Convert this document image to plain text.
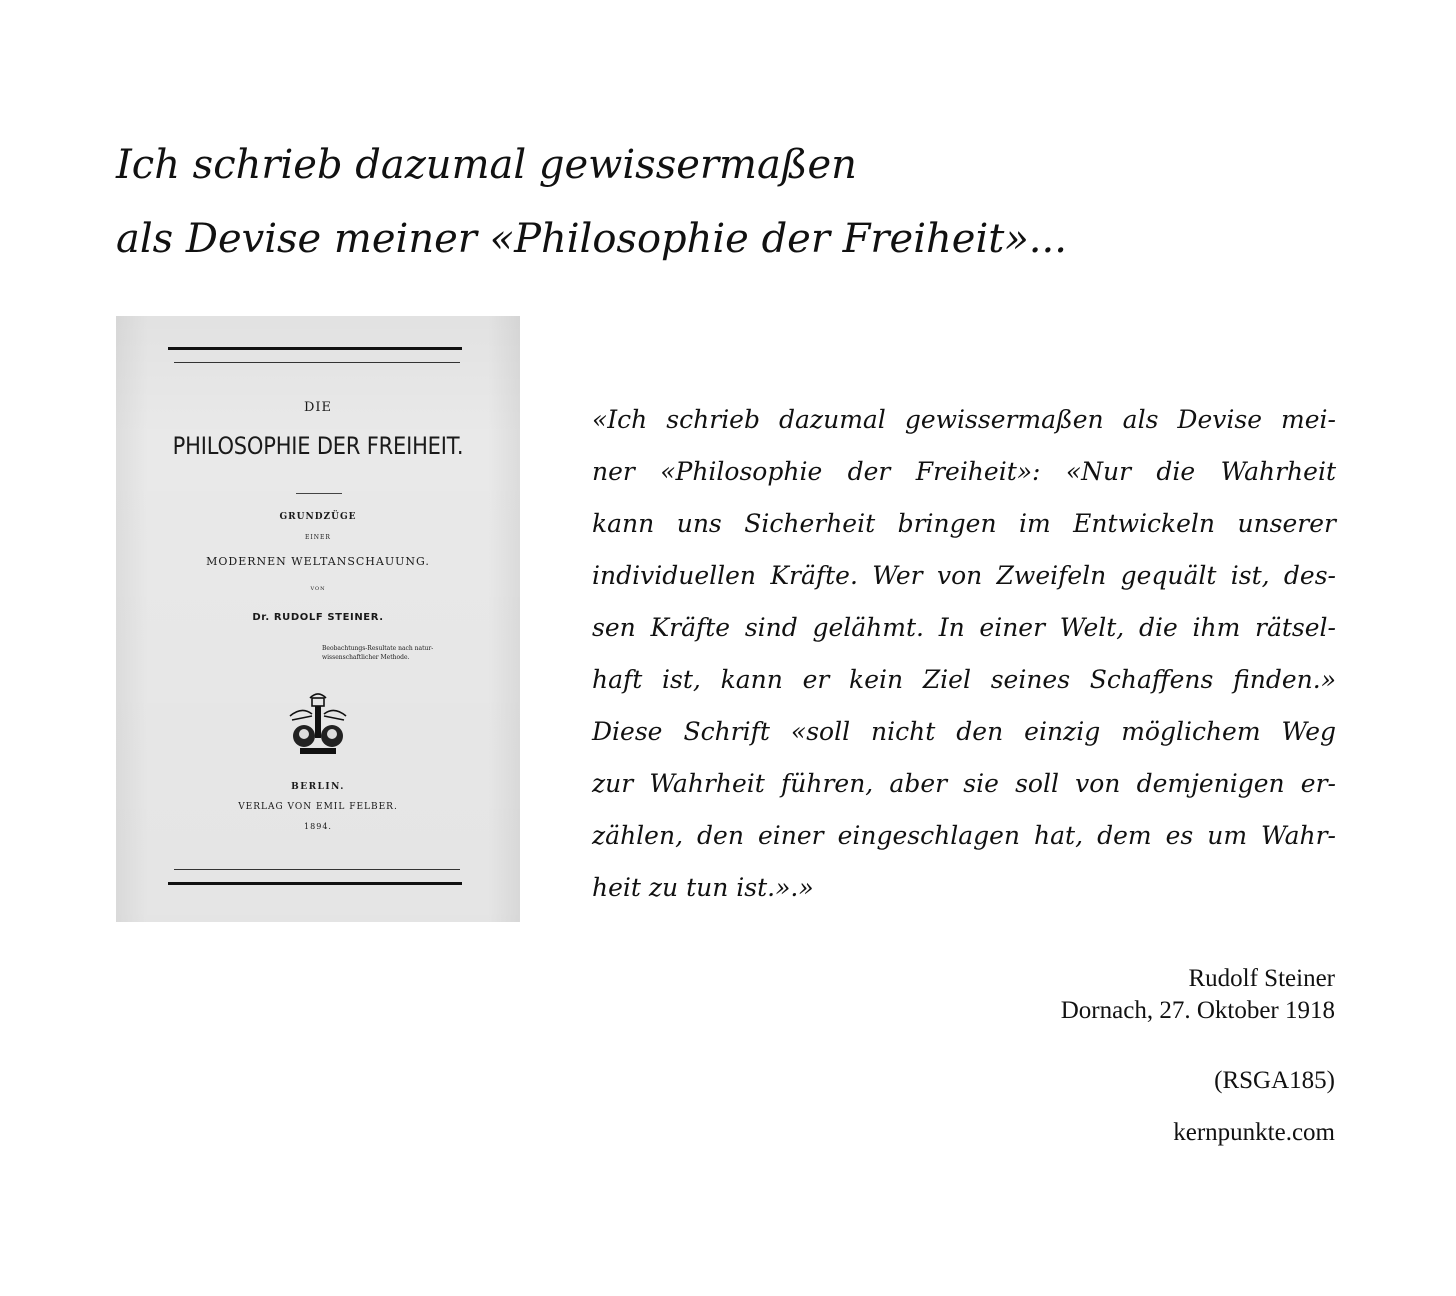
Ich schrieb dazumal gewissermaßen
als Devise meiner «Philosophie der Freiheit»...
DIE
PHILOSOPHIE DER FREIHEIT.
GRUNDZÜGE
EINER
MODERNEN WELTANSCHAUUNG.
VON
Dr. RUDOLF STEINER.
Beobachtungs-Resultate nach natur-
wissenschaftlicher Methode.
BERLIN.
VERLAG VON EMIL FELBER.
1894.
«Ich schrieb dazumal gewissermaßen als Devise mei-
ner «Philosophie der Freiheit»: «Nur die Wahrheit
kann uns Sicherheit bringen im Entwickeln unserer
individuellen Kräfte. Wer von Zweifeln gequält ist, des-
sen Kräfte sind gelähmt. In einer Welt, die ihm rätsel-
haft ist, kann er kein Ziel seines Schaffens finden.»
Diese Schrift «soll nicht den einzig möglichem Weg
zur Wahrheit führen, aber sie soll von demjenigen er-
zählen, den einer eingeschlagen hat, dem es um Wahr-
heit zu tun ist.».»
Rudolf Steiner
Dornach, 27. Oktober 1918
(RSGA185)
kernpunkte.com
